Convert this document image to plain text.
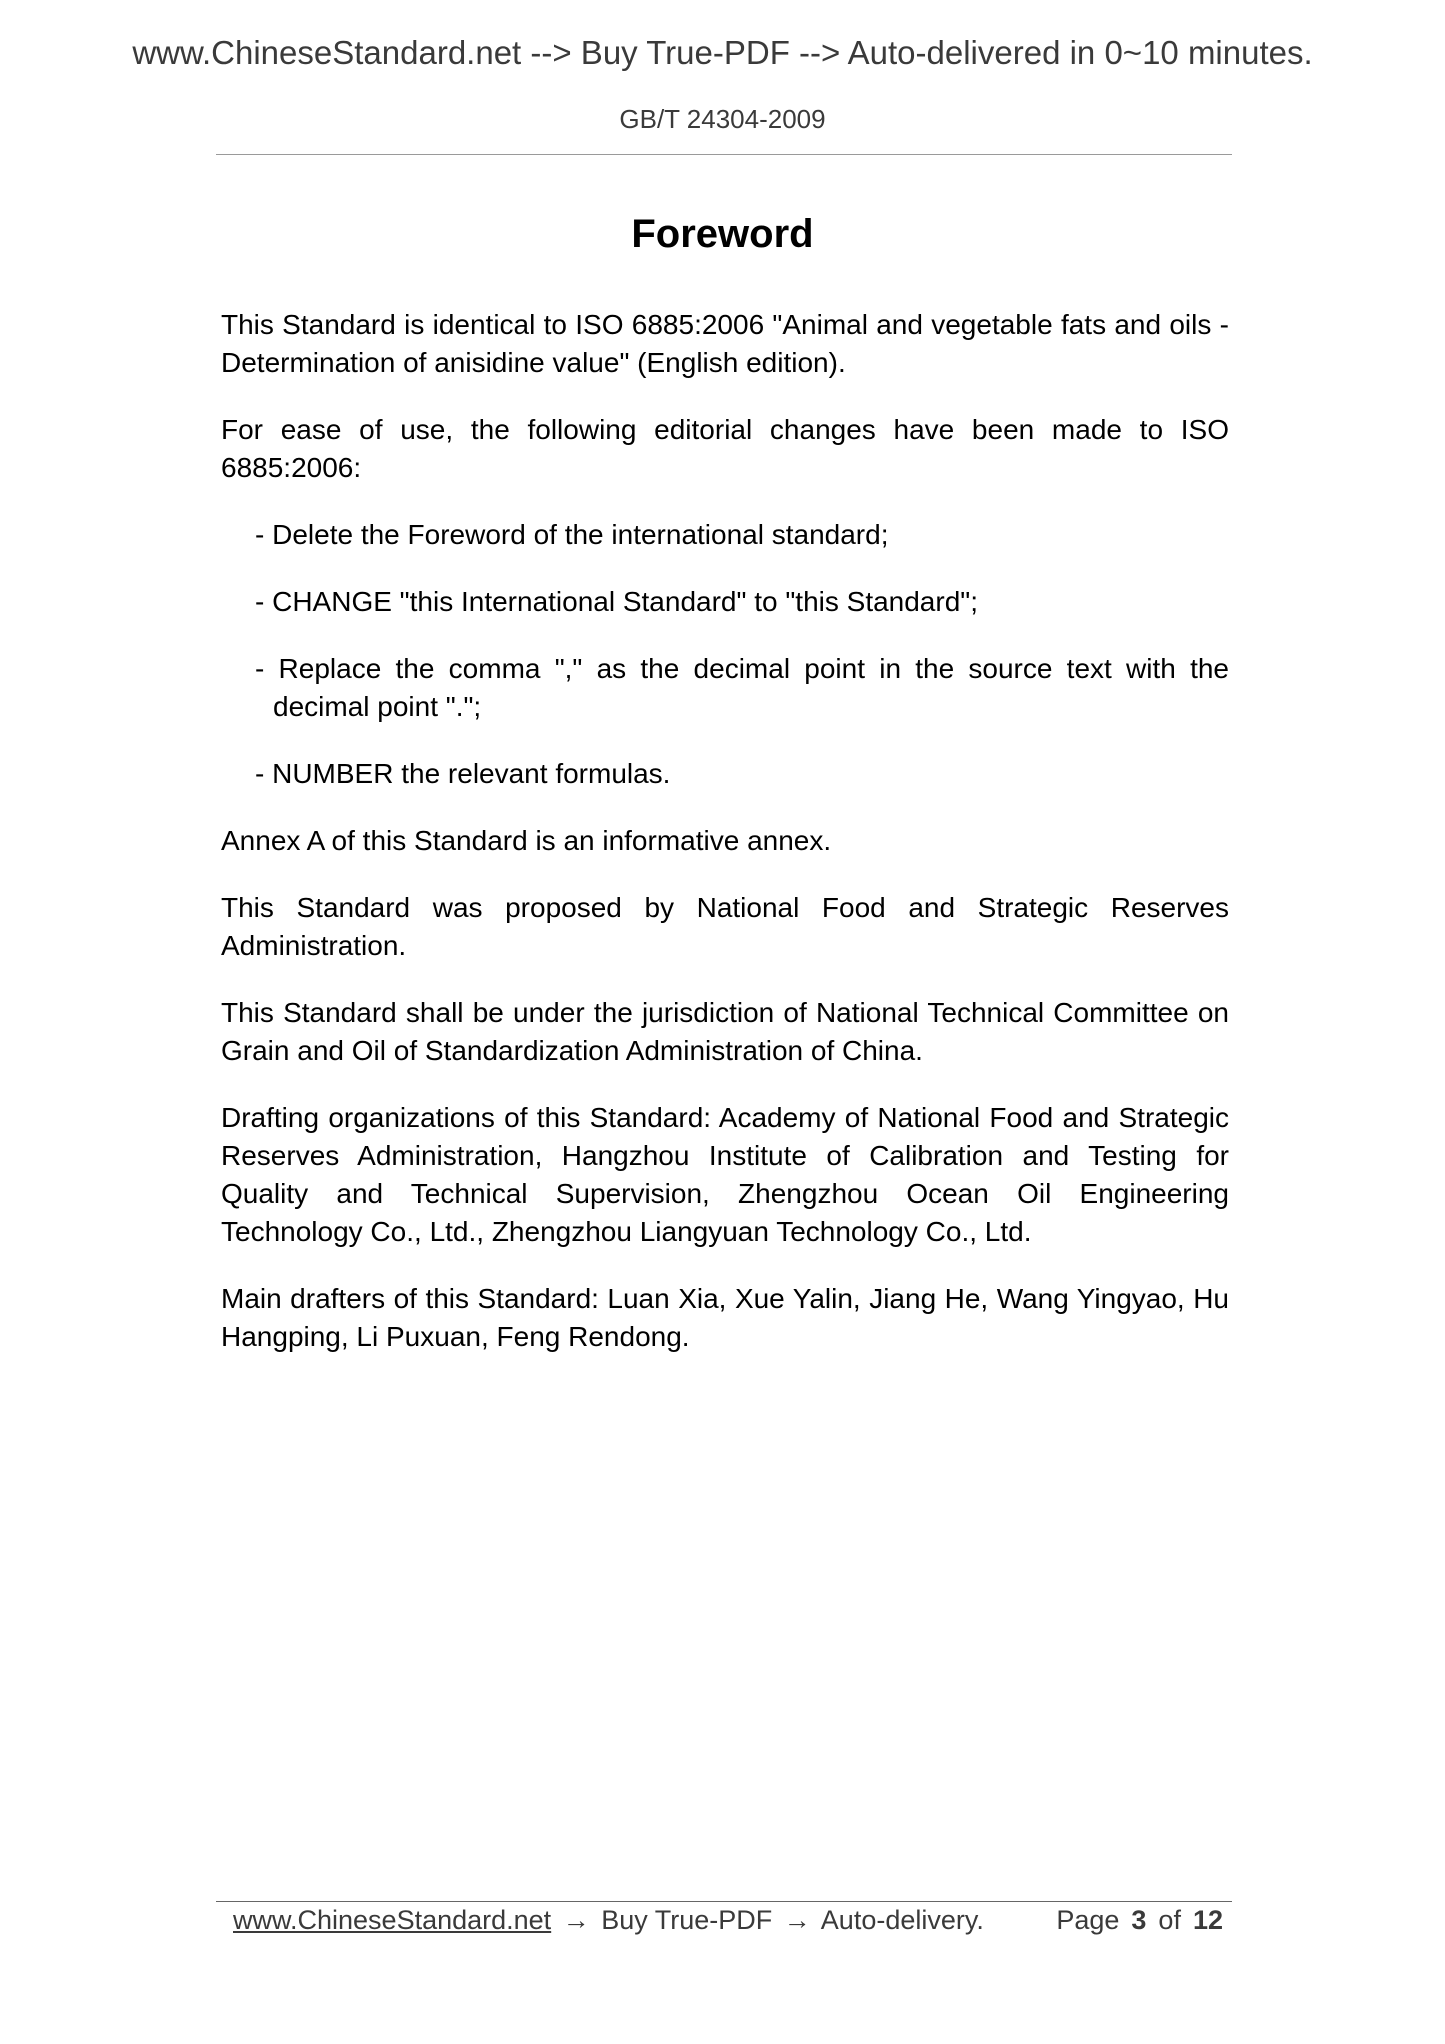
www.ChineseStandard.net --> Buy True-PDF --> Auto-delivered in 0~10 minutes.
GB/T 24304-2009
Foreword

This Standard is identical to ISO 6885:2006 "Animal and vegetable fats and oils - Determination of anisidine value" (English edition).

For ease of use, the following editorial changes have been made to ISO 6885:2006:

- Delete the Foreword of the international standard;

- CHANGE "this International Standard" to "this Standard";

- Replace the comma "," as the decimal point in the source text with the decimal point ".";

- NUMBER the relevant formulas.

Annex A of this Standard is an informative annex.

This Standard was proposed by National Food and Strategic Reserves Administration.

This Standard shall be under the jurisdiction of National Technical Committee on Grain and Oil of Standardization Administration of China.

Drafting organizations of this Standard: Academy of National Food and Strategic Reserves Administration, Hangzhou Institute of Calibration and Testing for Quality and Technical Supervision, Zhengzhou Ocean Oil Engineering Technology Co., Ltd., Zhengzhou Liangyuan Technology Co., Ltd.

Main drafters of this Standard: Luan Xia, Xue Yalin, Jiang He, Wang Yingyao, Hu Hangping, Li Puxuan, Feng Rendong.

www.ChineseStandard.net → Buy True-PDF → Auto-delivery.	Page 3 of 12
